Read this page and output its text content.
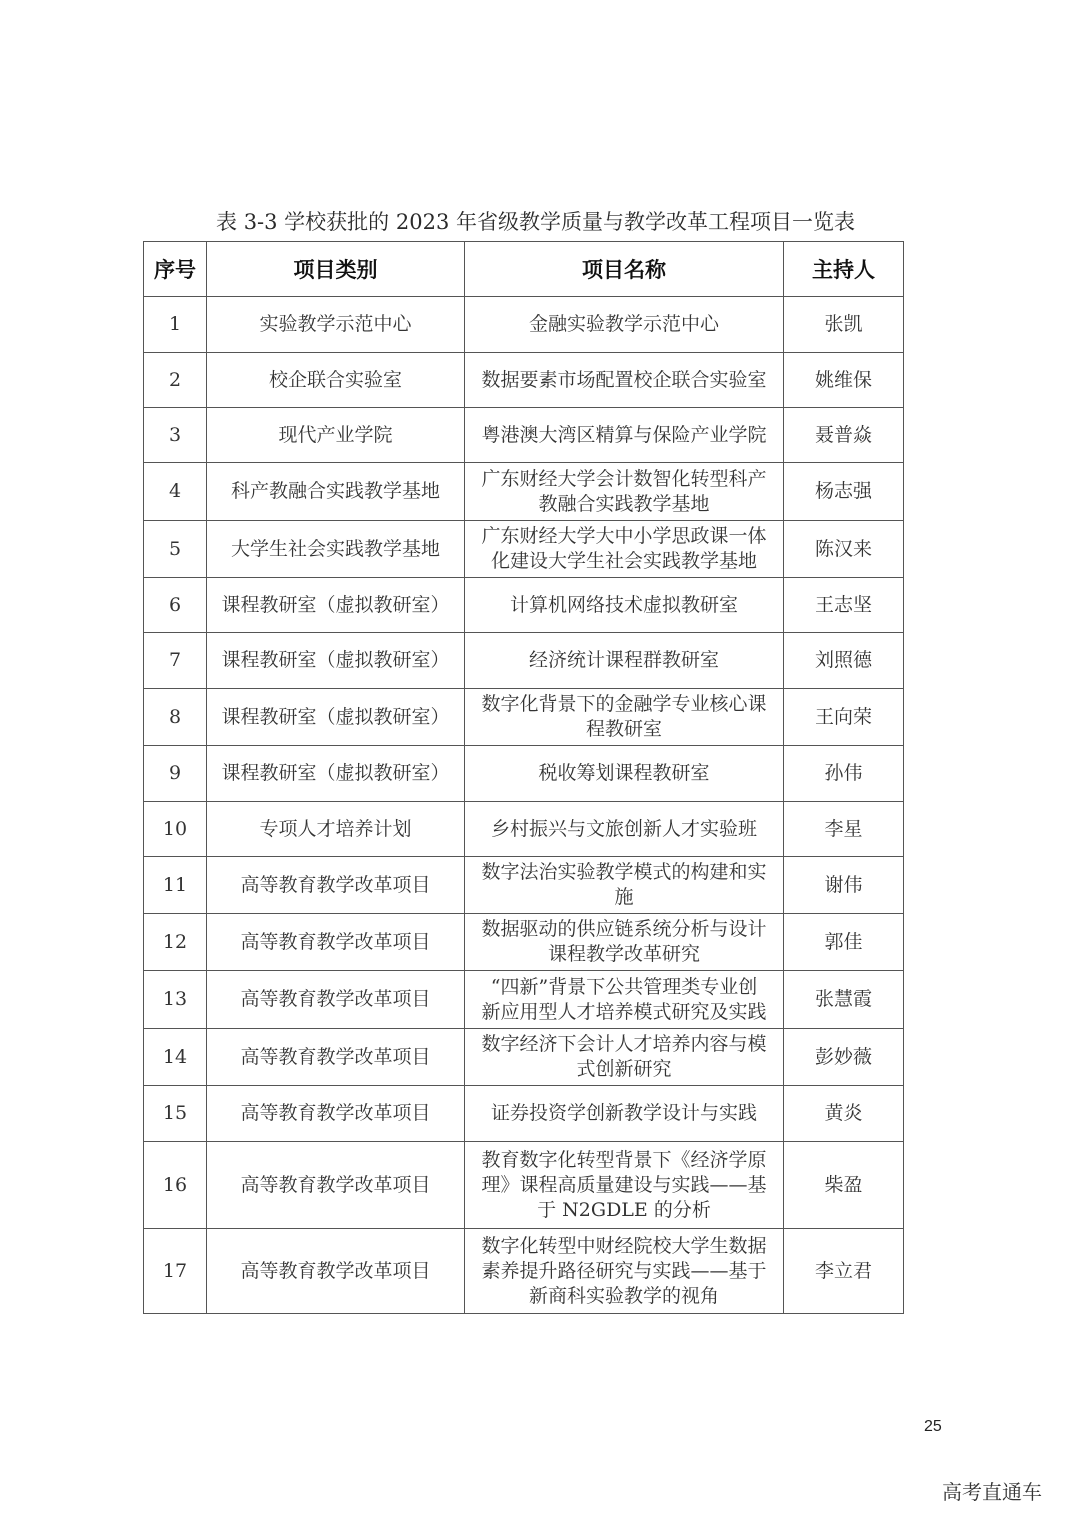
表 3-3 学校获批的 2023 年省级教学质量与教学改革工程项目一览表
序号	项目类别	项目名称	主持人
1	实验教学示范中心	金融实验教学示范中心	张凯
2	校企联合实验室	数据要素市场配置校企联合实验室	姚维保
3	现代产业学院	粤港澳大湾区精算与保险产业学院	聂普焱
4	科产教融合实践教学基地	广东财经大学会计数智化转型科产
教融合实践教学基地	杨志强
5	大学生社会实践教学基地	广东财经大学大中小学思政课一体
化建设大学生社会实践教学基地	陈汉来
6	课程教研室（虚拟教研室）	计算机网络技术虚拟教研室	王志坚
7	课程教研室（虚拟教研室）	经济统计课程群教研室	刘照德
8	课程教研室（虚拟教研室）	数字化背景下的金融学专业核心课
程教研室	王向荣
9	课程教研室（虚拟教研室）	税收筹划课程教研室	孙伟
10	专项人才培养计划	乡村振兴与文旅创新人才实验班	李星
11	高等教育教学改革项目	数字法治实验教学模式的构建和实
施	谢伟
12	高等教育教学改革项目	数据驱动的供应链系统分析与设计
课程教学改革研究	郭佳
13	高等教育教学改革项目	“四新”背景下公共管理类专业创
新应用型人才培养模式研究及实践	张慧霞
14	高等教育教学改革项目	数字经济下会计人才培养内容与模
式创新研究	彭妙薇
15	高等教育教学改革项目	证券投资学创新教学设计与实践	黄炎
16	高等教育教学改革项目	教育数字化转型背景下《经济学原
理》课程高质量建设与实践——基
于 N2GDLE 的分析	柴盈
17	高等教育教学改革项目	数字化转型中财经院校大学生数据
素养提升路径研究与实践——基于
新商科实验教学的视角	李立君
25
高考直通车
